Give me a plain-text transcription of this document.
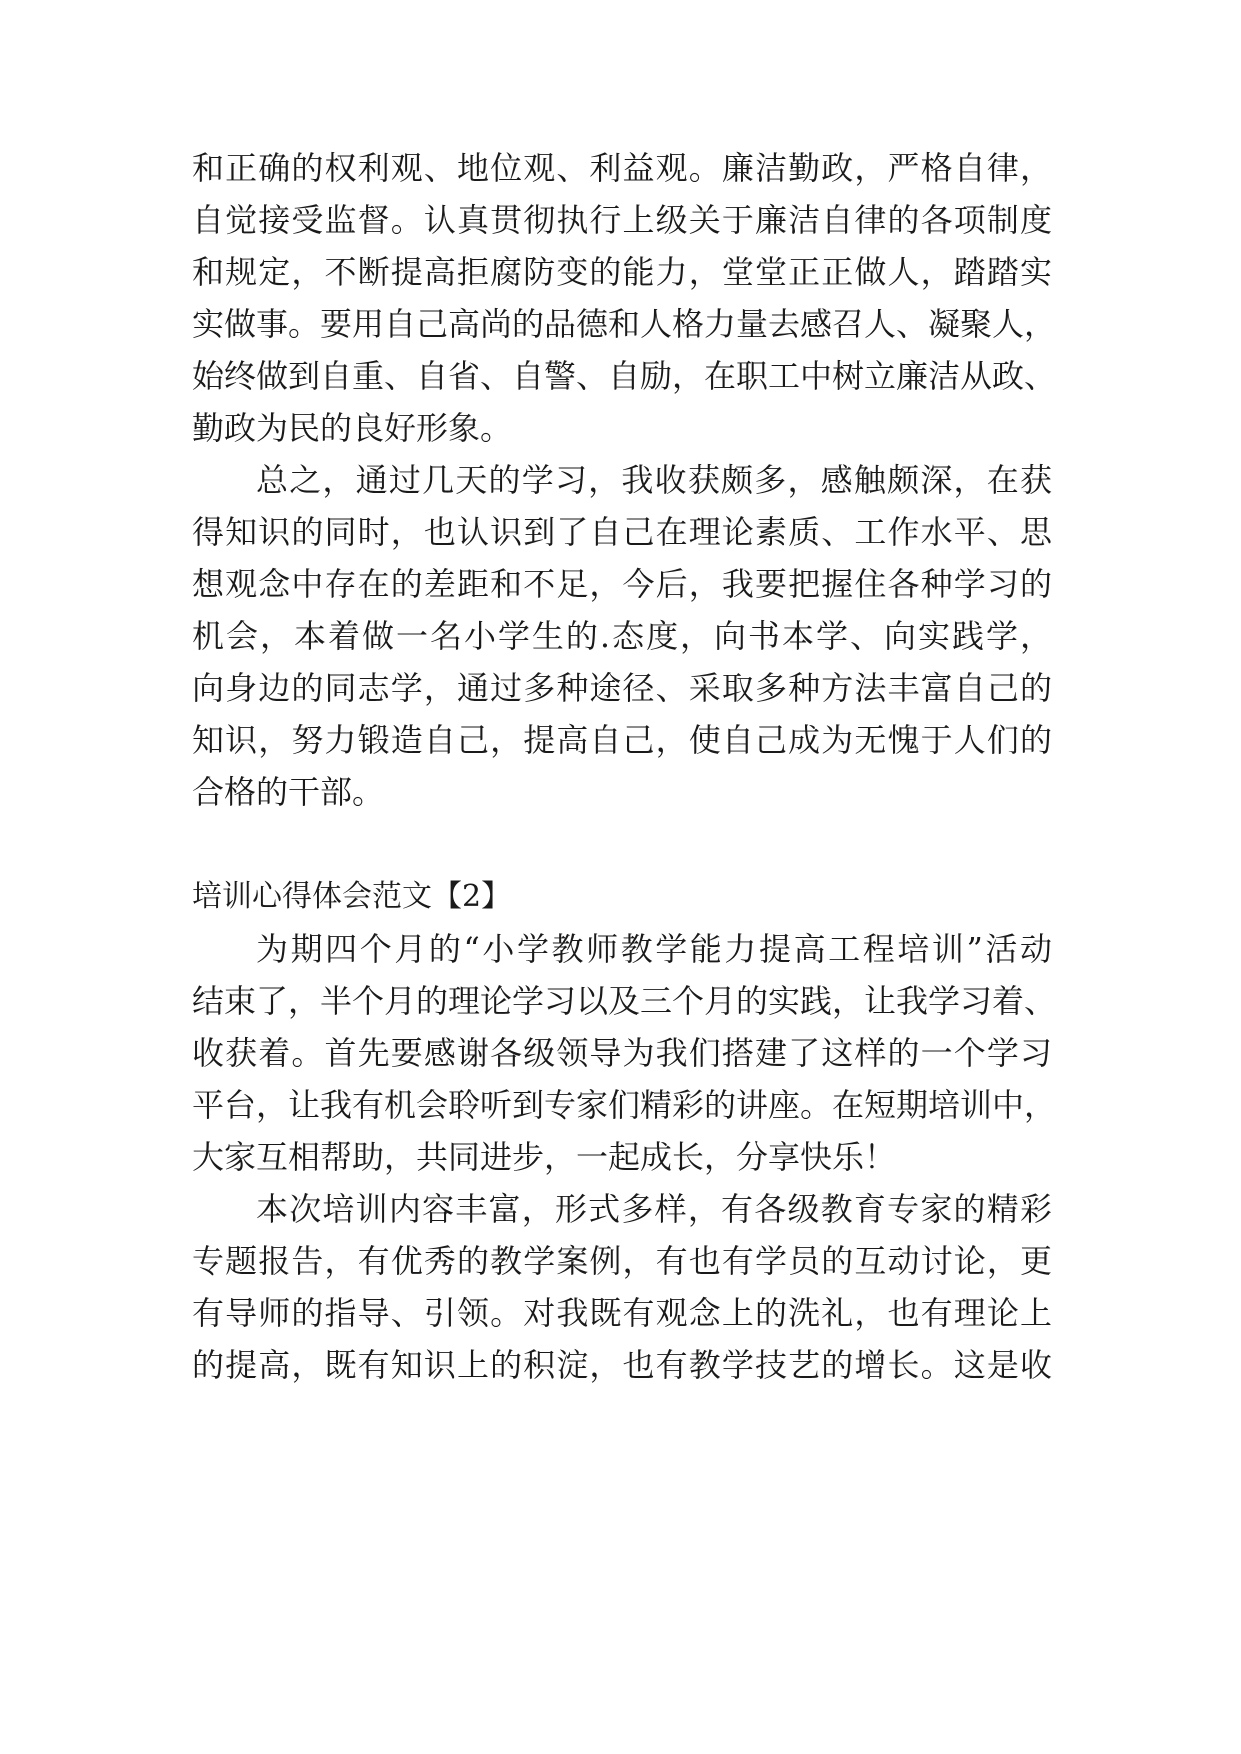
和正确的权利观、地位观、利益观。廉洁勤政，严格自律，
自觉接受监督。认真贯彻执行上级关于廉洁自律的各项制度
和规定，不断提高拒腐防变的能力，堂堂正正做人，踏踏实
实做事。要用自己高尚的品德和人格力量去感召人、凝聚人，
始终做到自重、自省、自警、自励，在职工中树立廉洁从政、
勤政为民的良好形象。
总之，通过几天的学习，我收获颇多，感触颇深，在获
得知识的同时，也认识到了自己在理论素质、工作水平、思
想观念中存在的差距和不足，今后，我要把握住各种学习的
机会，本着做一名小学生的.态度，向书本学、向实践学，
向身边的同志学，通过多种途径、采取多种方法丰富自己的
知识，努力锻造自己，提高自己，使自己成为无愧于人们的
合格的干部。
培训心得体会范文【2】
为期四个月的“小学教师教学能力提高工程培训”活动
结束了，半个月的理论学习以及三个月的实践，让我学习着、
收获着。首先要感谢各级领导为我们搭建了这样的一个学习
平台，让我有机会聆听到专家们精彩的讲座。在短期培训中，
大家互相帮助，共同进步，一起成长，分享快乐！
本次培训内容丰富，形式多样，有各级教育专家的精彩
专题报告，有优秀的教学案例，有也有学员的互动讨论，更
有导师的指导、引领。对我既有观念上的洗礼，也有理论上
的提高，既有知识上的积淀，也有教学技艺的增长。这是收
